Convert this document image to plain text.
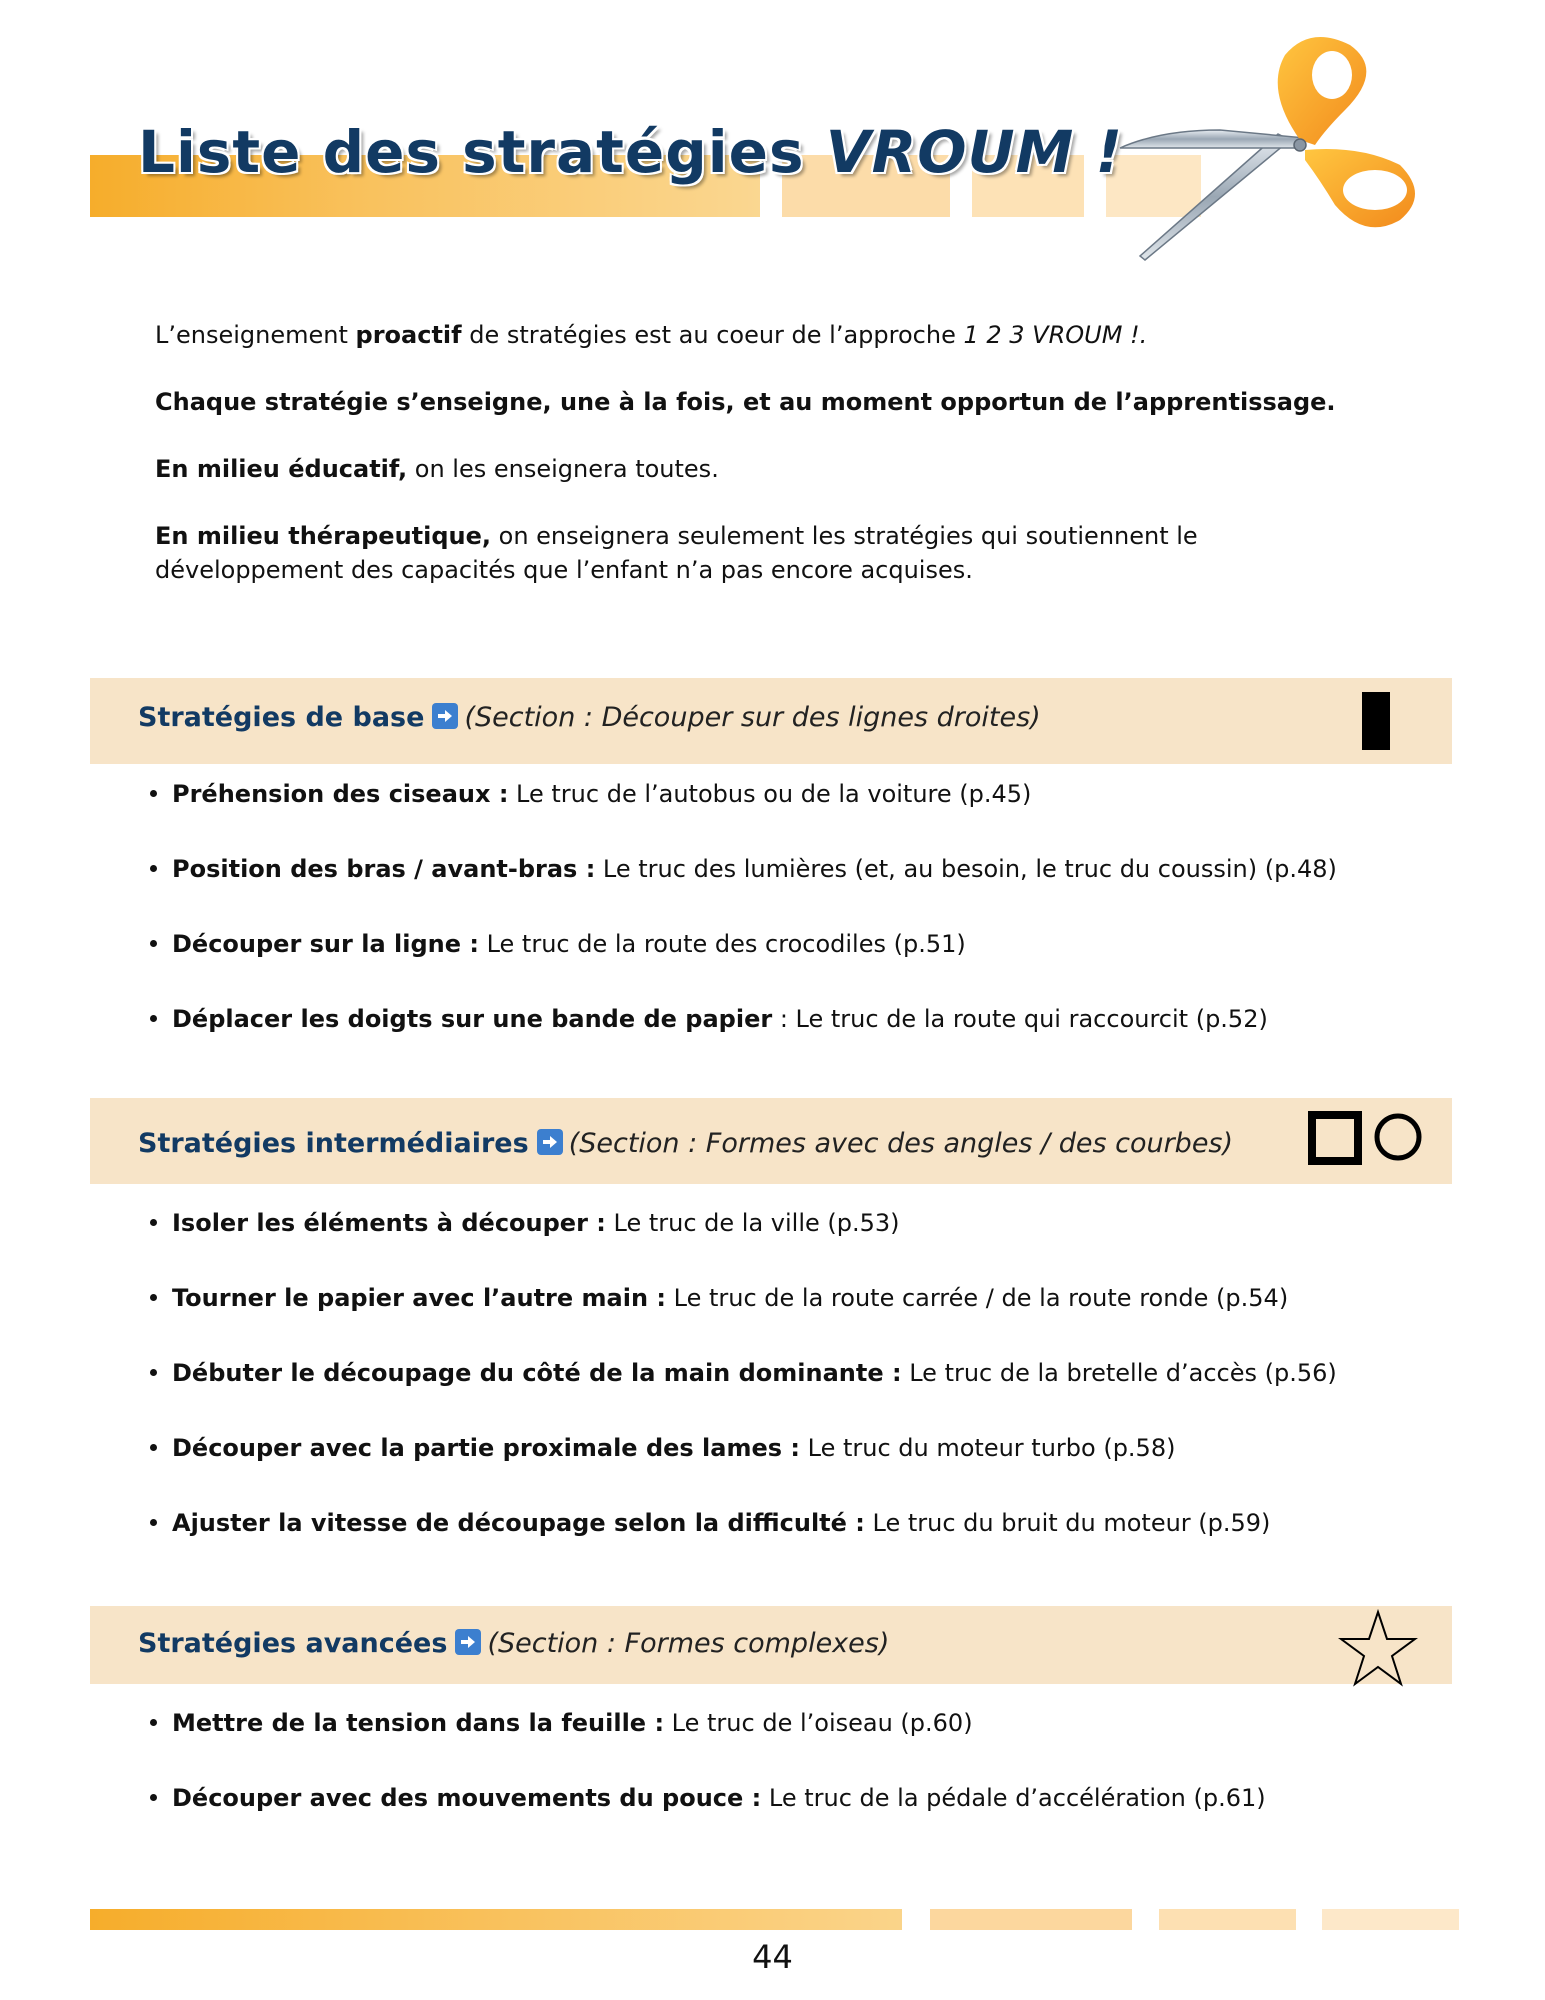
Liste des stratégies VROUM !

L’enseignement proactif de stratégies est au coeur de l’approche 1 2 3 VROUM !.

Chaque stratégie s’enseigne, une à la fois, et au moment opportun de l’apprentissage.

En milieu éducatif, on les enseignera toutes.

En milieu thérapeutique, on enseignera seulement les stratégies qui soutiennent le développement des capacités que l’enfant n’a pas encore acquises.

Stratégies de base (Section : Découper sur des lignes droites)
Préhension des ciseaux : Le truc de l’autobus ou de la voiture (p.45)
Position des bras / avant-bras : Le truc des lumières (et, au besoin, le truc du coussin) (p.48)
Découper sur la ligne : Le truc de la route des crocodiles (p.51)
Déplacer les doigts sur une bande de papier : Le truc de la route qui raccourcit (p.52)
Stratégies intermédiaires (Section : Formes avec des angles / des courbes)
Isoler les éléments à découper : Le truc de la ville (p.53)
Tourner le papier avec l’autre main : Le truc de la route carrée / de la route ronde (p.54)
Débuter le découpage du côté de la main dominante : Le truc de la bretelle d’accès (p.56)
Découper avec la partie proximale des lames : Le truc du moteur turbo (p.58)
Ajuster la vitesse de découpage selon la difficulté : Le truc du bruit du moteur (p.59)
Stratégies avancées (Section : Formes complexes)
Mettre de la tension dans la feuille : Le truc de l’oiseau (p.60)
Découper avec des mouvements du pouce : Le truc de la pédale d’accélération (p.61)
44
